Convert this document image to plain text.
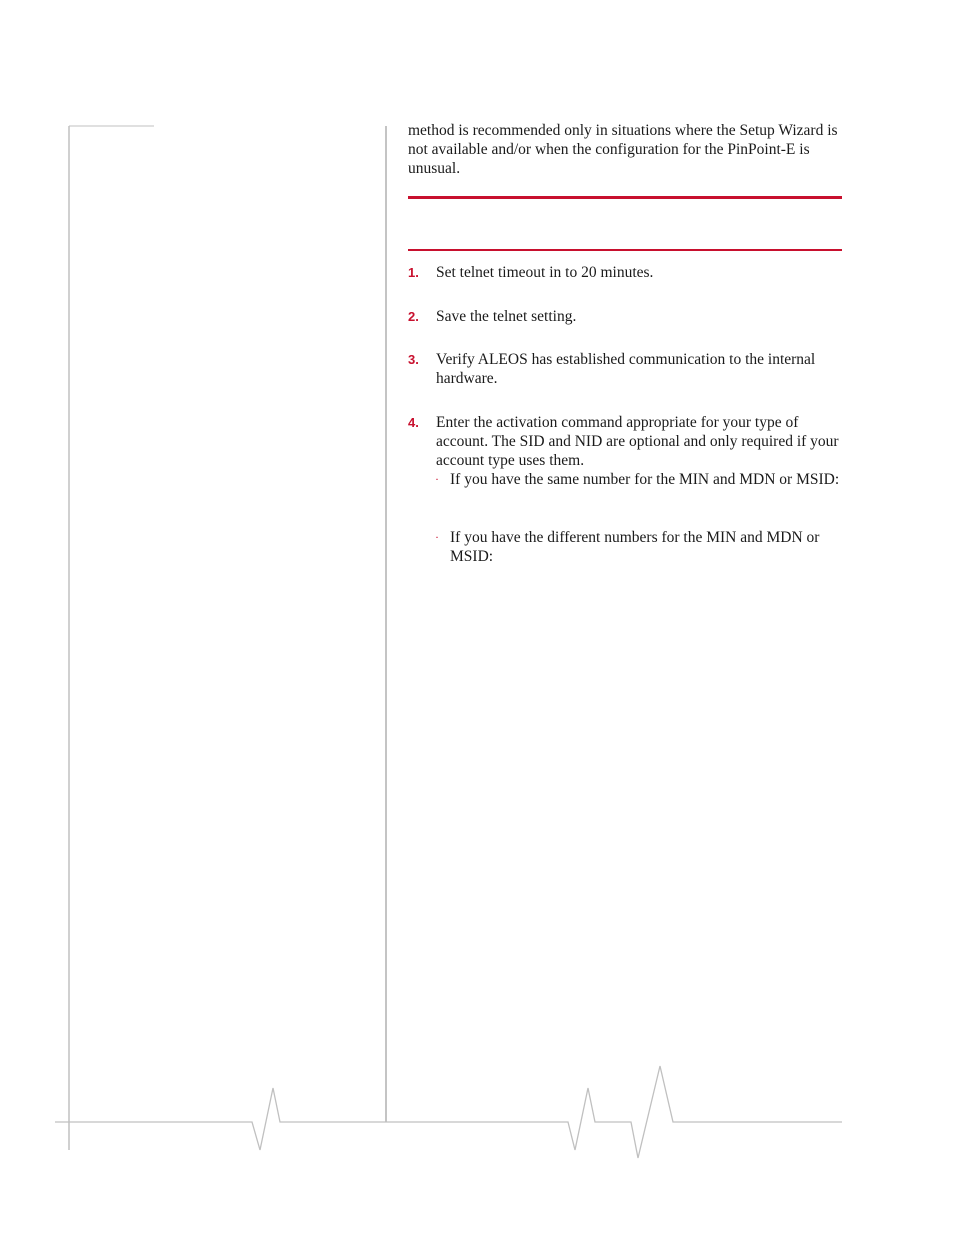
method is recommended only in situations where the Setup Wizard is not available and/or when the configuration for the PinPoint-E is unusual.

1. Set telnet timeout in to 20 minutes.
2. Save the telnet setting.
3. Verify ALEOS has established communication to the internal hardware.
4. Enter the activation command appropriate for your type of account. The SID and NID are optional and only required if your account type uses them.
· If you have the same number for the MIN and MDN or MSID:
· If you have the different numbers for the MIN and MDN or MSID:
